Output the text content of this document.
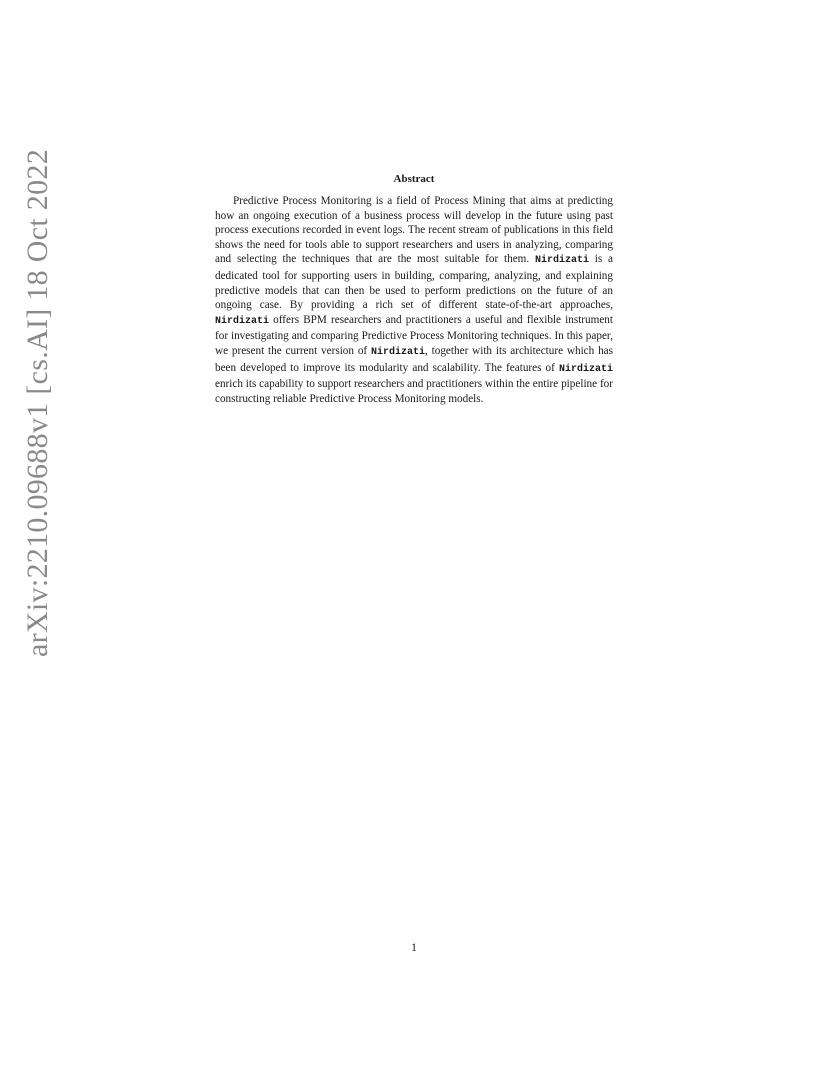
arXiv:2210.09688v1 [cs.AI] 18 Oct 2022	Abstract

Predictive Process Monitoring is a field of Process Mining that aims at predicting how an ongoing execution of a business process will develop in the future using past process executions recorded in event logs. The recent stream of publications in this field shows the need for tools able to support researchers and users in analyzing, comparing and selecting the techniques that are the most suitable for them. Nirdizati is a dedicated tool for supporting users in building, comparing, analyzing, and explaining predictive models that can then be used to perform predictions on the future of an ongoing case. By providing a rich set of different state-of-the-art approaches, Nirdizati offers BPM researchers and practitioners a useful and flexible instrument for investigating and comparing Predictive Process Monitoring techniques. In this paper, we present the current version of Nirdizati, together with its architecture which has been developed to improve its modularity and scalability. The features of Nirdizati enrich its capability to support researchers and practitioners within the entire pipeline for constructing reliable Predictive Process Monitoring models.

1
